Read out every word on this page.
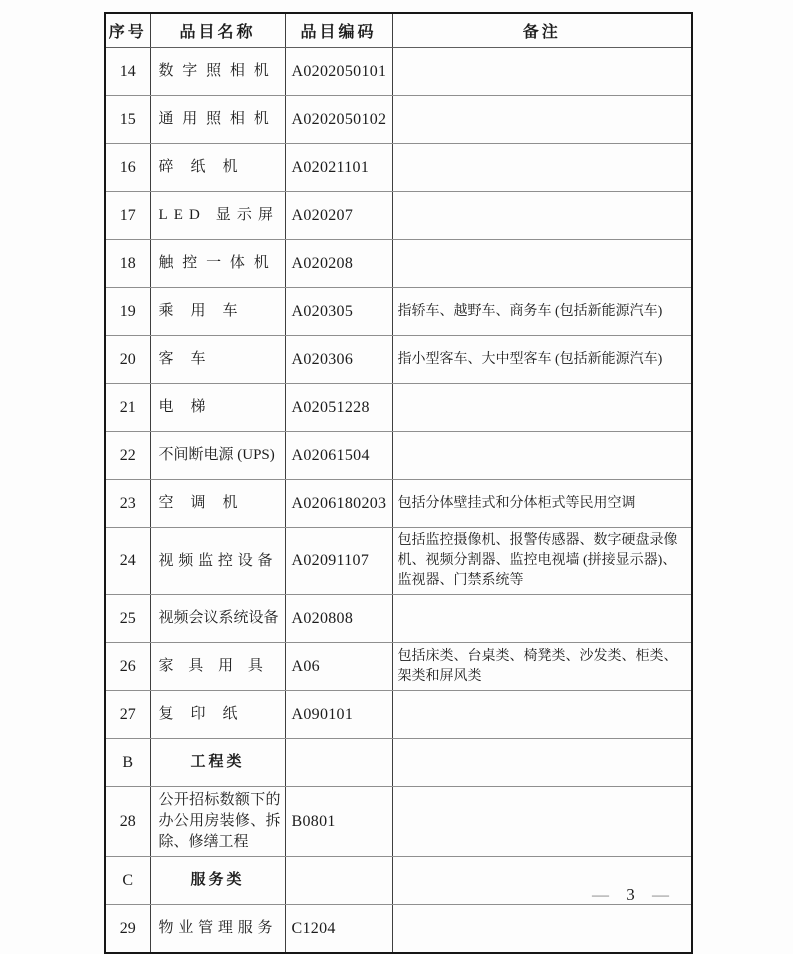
序号	品目名称	品目编码	备注
14	数字照相机	A0202050101	
15	通用照相机	A0202050102	
16	碎纸机	A02021101	
17	LED 显示屏	A020207	
18	触控一体机	A020208	
19	乘用车	A020305	指轿车、越野车、商务车 (包括新能源汽车)
20	客车	A020306	指小型客车、大中型客车 (包括新能源汽车)
21	电梯	A02051228	
22	不间断电源 (UPS)	A02061504	
23	空调机	A0206180203	包括分体壁挂式和分体柜式等民用空调
24	视频监控设备	A02091107	包括监控摄像机、报警传感器、数字硬盘录像机、视频分割器、监控电视墙 (拼接显示器)、监视器、门禁系统等
25	视频会议系统设备	A020808	
26	家具用具	A06	包括床类、台桌类、椅凳类、沙发类、柜类、架类和屏风类
27	复印纸	A090101	
B	工程类		
28	公开招标数额下的办公用房装修、拆除、修缮工程	B0801	
C	服务类		
29	物业管理服务	C1204	
— 3 —
